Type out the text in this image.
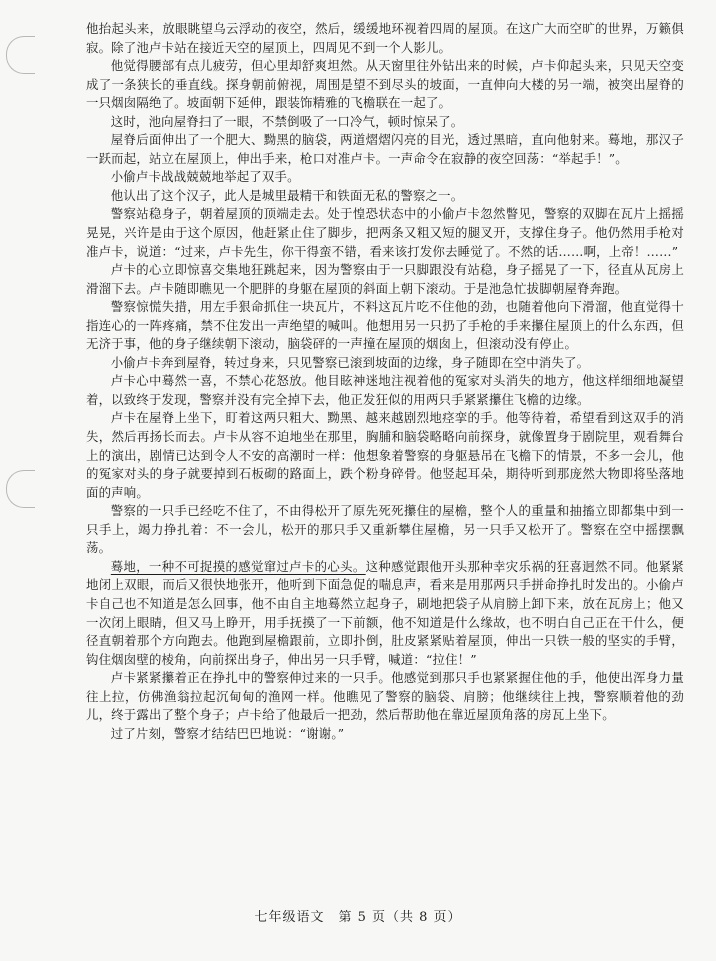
他抬起头来，放眼眺望乌云浮动的夜空，然后，缓缓地环视着四周的屋顶。在这广大而空旷的世界，万籁俱寂。除了池卢卡站在接近天空的屋顶上，四周见不到一个人影儿。

他觉得腰部有点儿疲劳，但心里却舒爽坦然。从天窗里往外钻出来的时候，卢卡仰起头来，只见天空变成了一条狭长的垂直线。探身朝前俯视，周围是望不到尽头的坡面，一直伸向大楼的另一端，被突出屋脊的一只烟囱隔绝了。坡面朝下延伸，跟装饰精雅的飞檐联在一起了。

这时，池向屋脊扫了一眼，不禁倒吸了一口冷气，顿时惊呆了。

屋脊后面伸出了一个肥大、黝黑的脑袋，两道熠熠闪亮的目光，透过黑暗，直向他射来。蓦地，那汉子一跃而起，站立在屋顶上，伸出手来，枪口对准卢卡。一声命令在寂静的夜空回荡：“举起手！”。

小偷卢卡战战兢兢地举起了双手。

他认出了这个汉子，此人是城里最精干和铁面无私的警察之一。

警察站稳身子，朝着屋顶的顶端走去。处于惶恐状态中的小偷卢卡忽然瞥见，警察的双脚在瓦片上摇摇晃晃，兴许是由于这个原因，他赶紧止住了脚步，把两条又粗又短的腿叉开，支撑住身子。他仍然用手枪对准卢卡，说道：“过来，卢卡先生，你干得蛮不错，看来该打发你去睡觉了。不然的话……啊，上帝！……”

卢卡的心立即惊喜交集地狂跳起来，因为警察由于一只脚跟没有站稳，身子摇晃了一下，径直从瓦房上滑溜下去。卢卡随即瞧见一个肥胖的身躯在屋顶的斜面上朝下滚动。于是池急忙拔脚朝屋脊奔跑。

警察惊慌失措，用左手狠命抓住一块瓦片，不料这瓦片吃不住他的劲，也随着他向下滑溜，他直觉得十指连心的一阵疼痛，禁不住发出一声绝望的喊叫。他想用另一只扔了手枪的手来攥住屋顶上的什么东西，但无济于事，他的身子继续朝下滚动，脑袋砰的一声撞在屋顶的烟囱上，但滚动没有停止。

小偷卢卡奔到屋脊，转过身来，只见警察已滚到坡面的边缘，身子随即在空中消失了。

卢卡心中蓦然一喜，不禁心花怒放。他目眩神迷地注视着他的冤家对头消失的地方，他这样细细地凝望着，以致终于发现，警察并没有完全掉下去，他正发狂似的用两只手紧紧攥住飞檐的边缘。

卢卡在屋脊上坐下，盯着这两只粗大、黝黑、越来越剧烈地痉挛的手。他等待着，希望看到这双手的消失，然后再扬长而去。卢卡从容不迫地坐在那里，胸脯和脑袋略略向前探身，就像置身于剧院里，观看舞台上的演出，剧情已达到令人不安的高潮时一样：他想象着警察的身躯悬吊在飞檐下的情景，不多一会儿，他的冤家对头的身子就要掉到石板砌的路面上，跌个粉身碎骨。他竖起耳朵，期待听到那庞然大物即将坠落地面的声响。

警察的一只手已经吃不住了，不由得松开了原先死死攥住的屋檐，整个人的重量和抽搐立即都集中到一只手上，竭力挣扎着：不一会儿，松开的那只手又重新攀住屋檐，另一只手又松开了。警察在空中摇摆飘荡。

蓦地，一种不可捉摸的感觉窜过卢卡的心头。这种感觉跟他开头那种幸灾乐祸的狂喜迥然不同。他紧紧地闭上双眼，而后又很快地张开，他听到下面急促的喘息声，看来是用那两只手拼命挣扎时发出的。小偷卢卡自己也不知道是怎么回事，他不由自主地蓦然立起身子，刷地把袋子从肩膀上卸下来，放在瓦房上；他又一次闭上眼睛，但又马上睁开，用手抚摸了一下前额，他不知道是什么缘故，也不明白自己正在干什么，便径直朝着那个方向跑去。他跑到屋檐跟前，立即扑倒，肚皮紧紧贴着屋顶，伸出一只铁一般的坚实的手臂，钩住烟囱壁的棱角，向前探出身子，伸出另一只手臂，喊道：“拉住！”

卢卡紧紧攥着正在挣扎中的警察伸过来的一只手。他感觉到那只手也紧紧握住他的手，他使出浑身力量往上拉，仿佛渔翁拉起沉甸甸的渔网一样。他瞧见了警察的脑袋、肩膀；他继续往上拽，警察顺着他的劲儿，终于露出了整个身子；卢卡给了他最后一把劲，然后帮助他在靠近屋顶角落的房瓦上坐下。

过了片刻，警察才结结巴巴地说：“谢谢。”

七年级语文　第 5 页（共 8 页）
